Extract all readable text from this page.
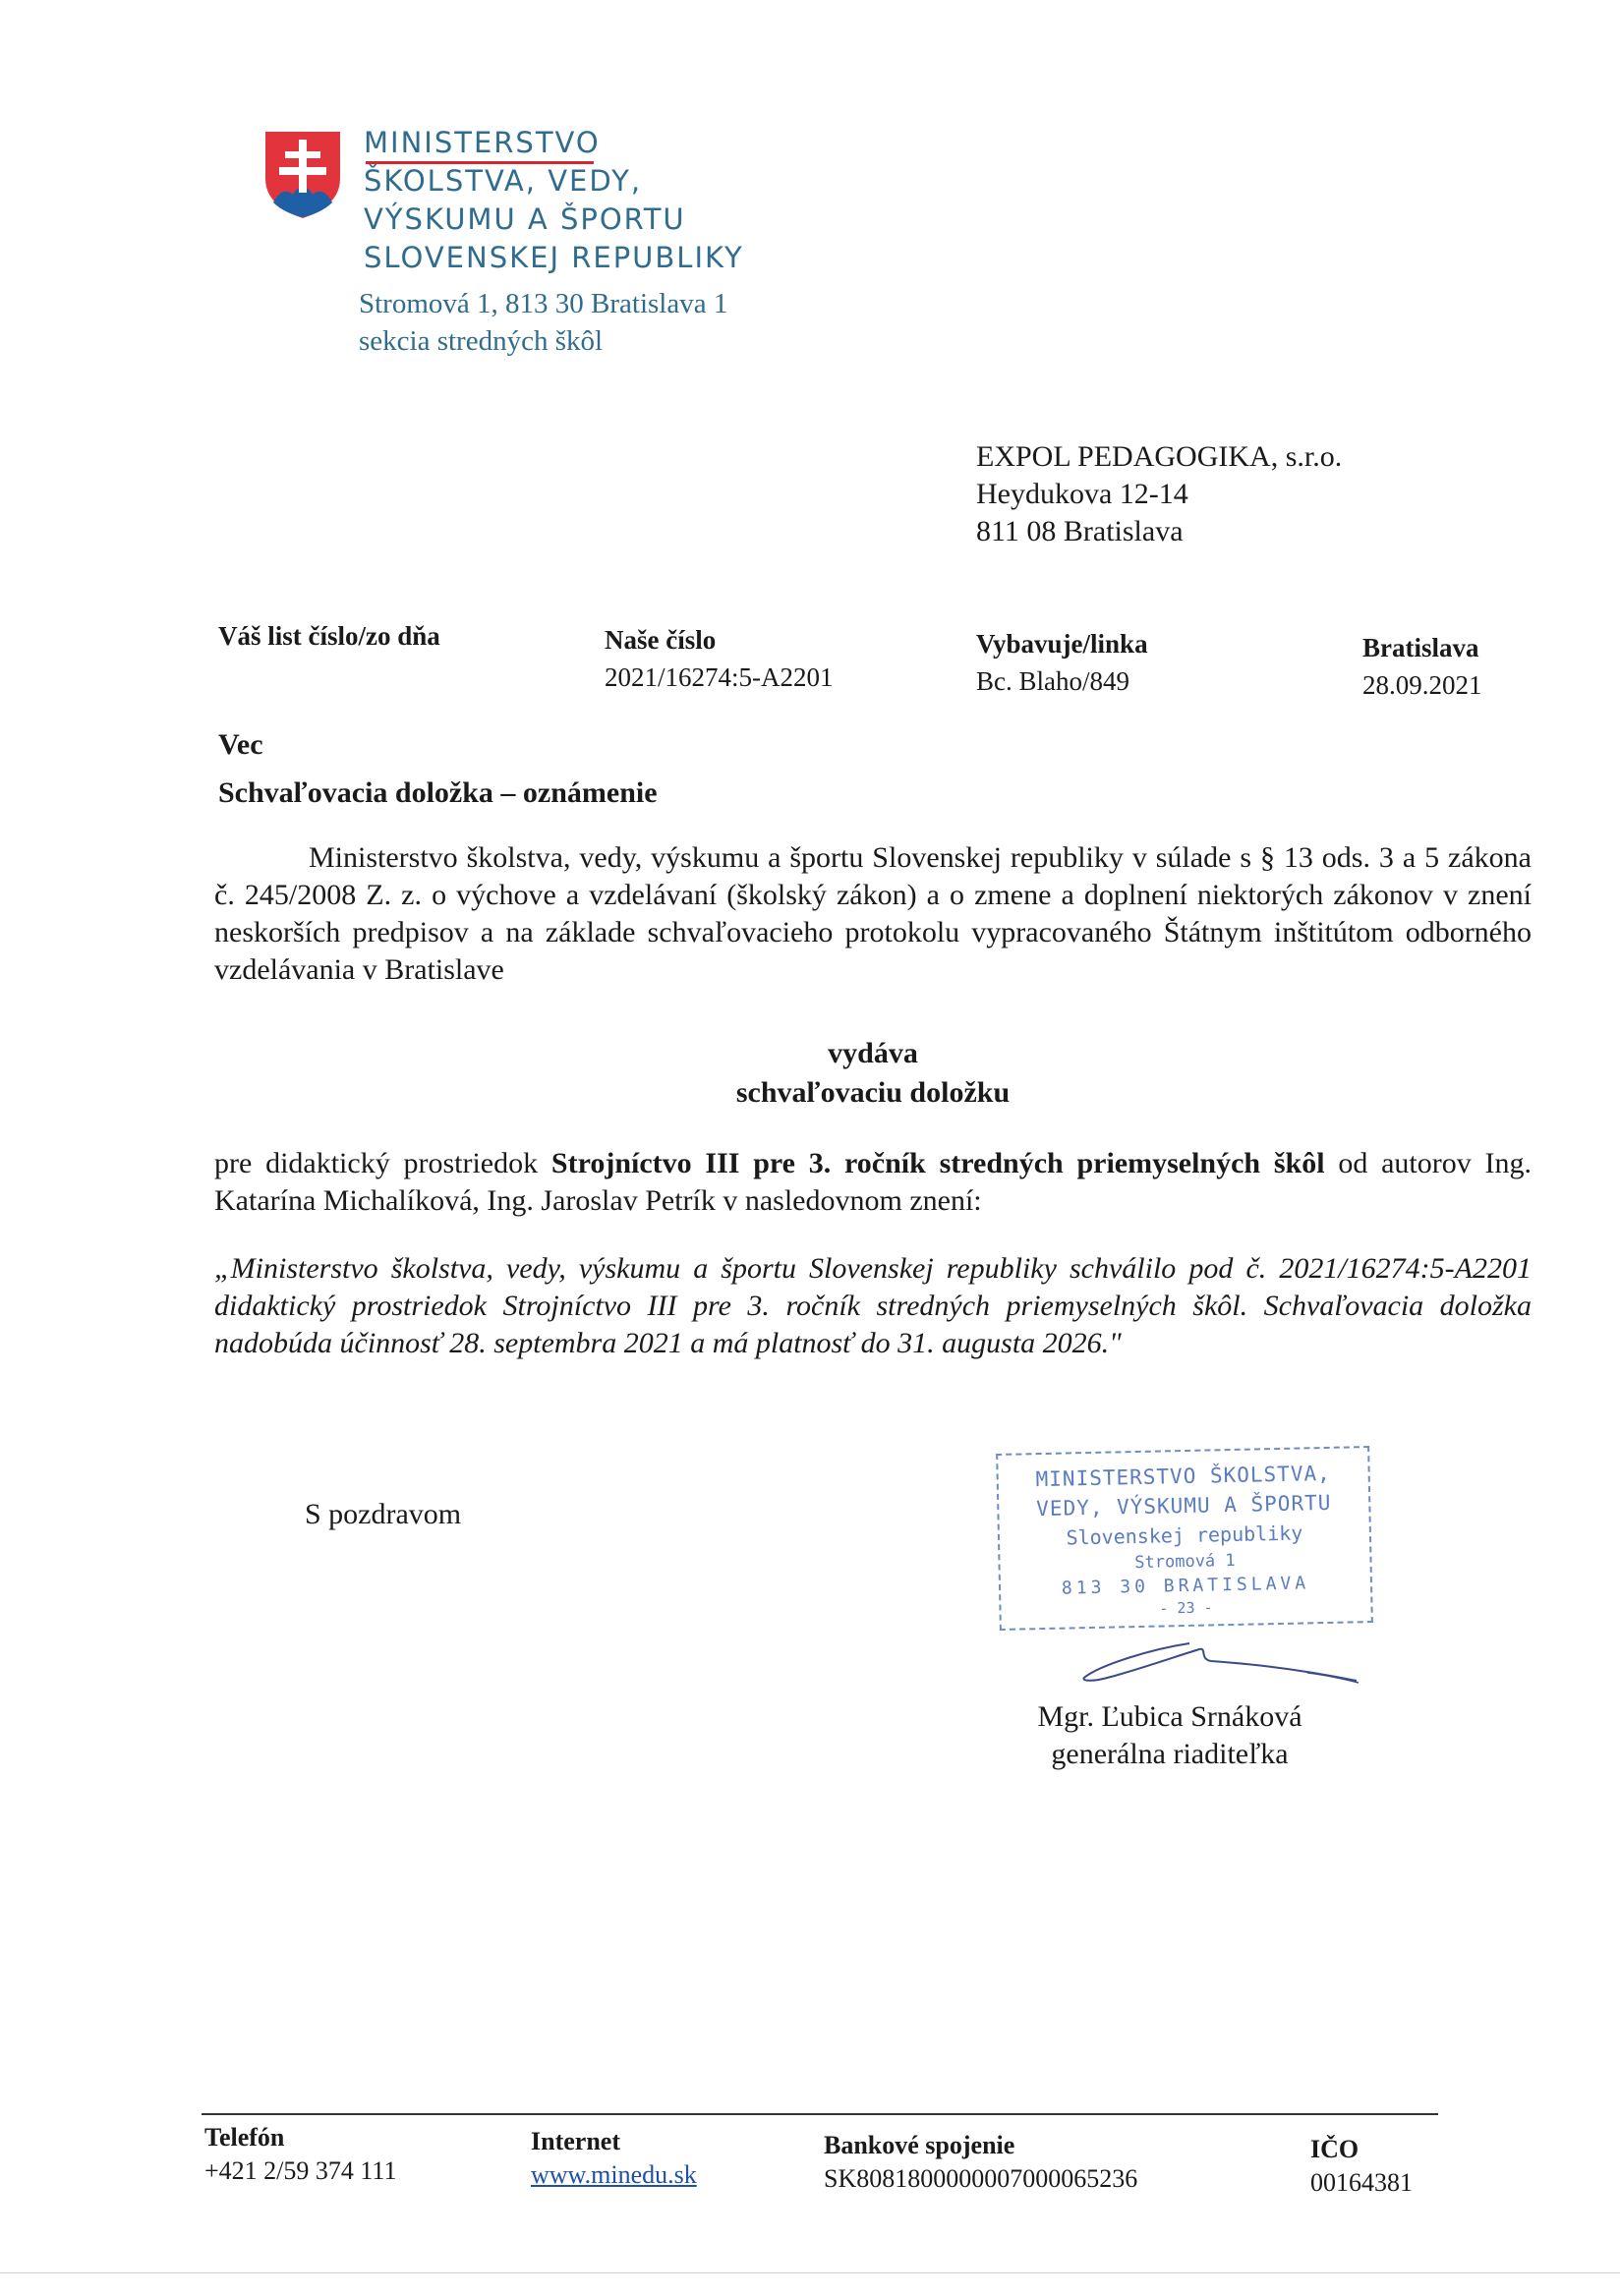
MINISTERSTVO
ŠKOLSTVA, VEDY,
VÝSKUMU A ŠPORTU
SLOVENSKEJ REPUBLIKY
Stromová 1, 813 30 Bratislava 1
sekcia stredných škôl
EXPOL PEDAGOGIKA, s.r.o.
Heydukova 12-14
811 08 Bratislava
Váš list číslo/zo dňa	Naše číslo
2021/16274:5-A2201
Vybavuje/linka
Bc. Blaho/849
Bratislava
28.09.2021
Vec
Schvaľovacia doložka – oznámenie
Ministerstvo školstva, vedy, výskumu a športu Slovenskej republiky v súlade s § 13 ods. 3 a 5 zákona č. 245/2008 Z. z. o výchove a vzdelávaní (školský zákon) a o zmene a doplnení niektorých zákonov v znení neskorších predpisov a na základe schvaľovacieho protokolu vypracovaného Štátnym inštitútom odborného vzdelávania v Bratislave
vydáva
schvaľovaciu doložku
pre didaktický prostriedok Strojníctvo III pre 3. ročník stredných priemyselných škôl od autorov Ing. Katarína Michalíková, Ing. Jaroslav Petrík v nasledovnom znení:
„Ministerstvo školstva, vedy, výskumu a športu Slovenskej republiky schválilo pod č. 2021/16274:5-A2201 didaktický prostriedok Strojníctvo III pre 3. ročník stredných priemyselných škôl. Schvaľovacia doložka nadobúda účinnosť 28. septembra 2021 a má platnosť do 31. augusta 2026."
S pozdravom
MINISTERSTVO ŠKOLSTVA,
VEDY, VÝSKUMU A ŠPORTU
Slovenskej republiky
Stromová 1
813 30 BRATISLAVA
- 23 -
Mgr. Ľubica Srnáková
generálna riaditeľka
Telefón
+421 2/59 374 111
Internet
www.minedu.sk
Bankové spojenie
SK8081800000007000065236
IČO
00164381
